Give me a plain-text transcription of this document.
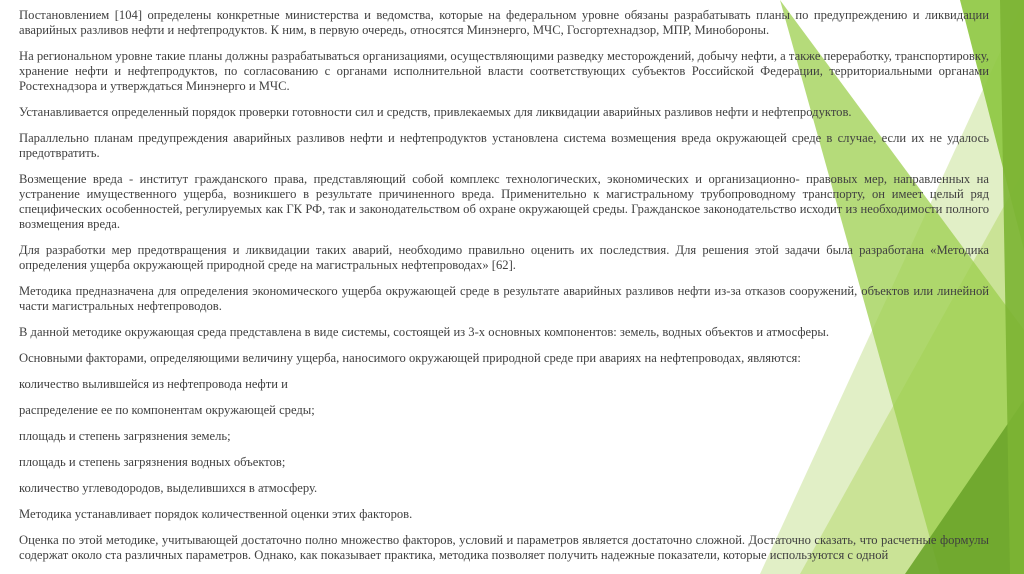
Постановлением [104] определены конкретные министерства и ведомства, которые на федеральном уровне обязаны разрабатывать планы по предупреждению и ликвидации аварийных разливов нефти и нефтепродуктов. К ним, в первую очередь, относятся Минэнерго, МЧС, Госгортехнадзор, МПР, Минобороны.

На региональном уровне такие планы должны разрабатываться организациями, осуществляющими разведку месторождений, добычу нефти, а также переработку, транспортировку, хранение нефти и нефтепродуктов, по согласованию с органами исполнительной власти соответствующих субъектов Российской Федерации, территориальными органами Ростехнадзора и утверждаться Минэнерго и МЧС.

Устанавливается определенный порядок проверки готовности сил и средств, привлекаемых для ликвидации аварийных разливов нефти и нефтепродуктов.

Параллельно планам предупреждения аварийных разливов нефти и нефтепродуктов установлена система возмещения вреда окружающей среде в случае, если их не удалось предотвратить.

Возмещение вреда - институт гражданского права, представляющий собой комплекс технологических, экономических и организационно- правовых мер, направленных на устранение имущественного ущерба, возникшего в результате причиненного вреда. Применительно к магистральному трубопроводному транспорту, он имеет целый ряд специфических особенностей, регулируемых как ГК РФ, так и законодательством об охране окружающей среды. Гражданское законодательство исходит из необходимости полного возмещения вреда.

Для разработки мер предотвращения и ликвидации таких аварий, необходимо правильно оценить их последствия. Для решения этой задачи была разработана «Методика определения ущерба окружающей природной среде на магистральных нефтепроводах» [62].

Методика предназначена для определения экономического ущерба окружающей среде в результате аварийных разливов нефти из-за отказов сооружений, объектов или линейной части магистральных нефтепроводов.

В данной методике окружающая среда представлена в виде системы, состоящей из 3-х основных компонентов: земель, водных объектов и атмосферы.

Основными факторами, определяющими величину ущерба, наносимого окружающей природной среде при авариях на нефтепроводах, являются:

количество вылившейся из нефтепровода нефти и

распределение ее по компонентам окружающей среды;

площадь и степень загрязнения земель;

площадь и степень загрязнения водных объектов;

количество углеводородов, выделившихся в атмосферу.

Методика устанавливает порядок количественной оценки этих факторов.

Оценка по этой методике, учитывающей достаточно полно множество факторов, условий и параметров является достаточно сложной. Достаточно сказать, что расчетные формулы содержат около ста различных параметров. Однако, как показывает практика, методика позволяет получить надежные показатели, которые используются с одной
